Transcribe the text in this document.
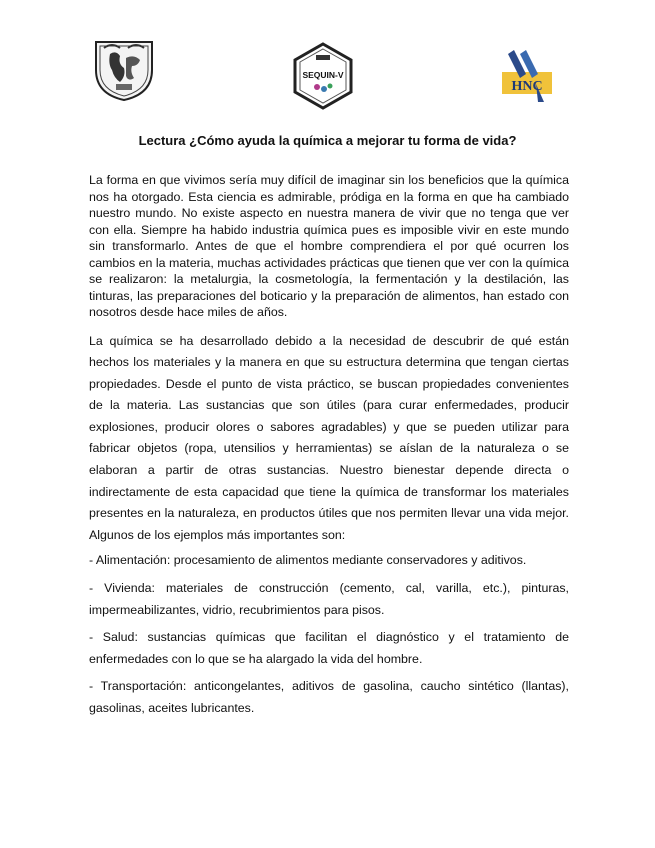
SEQUIN-V
HNC
Lectura ¿Cómo ayuda la química a mejorar tu forma de vida?

La forma en que vivimos sería muy difícil de imaginar sin los beneficios que la química nos ha otorgado. Esta ciencia es admirable, pródiga en la forma en que ha cambiado nuestro mundo. No existe aspecto en nuestra manera de vivir que no tenga que ver con ella. Siempre ha habido industria química pues es imposible vivir en este mundo sin transformarlo. Antes de que el hombre comprendiera el por qué ocurren los cambios en la materia, muchas actividades prácticas que tienen que ver con la química se realizaron: la metalurgia, la cosmetología, la fermentación y la destilación, las tinturas, las preparaciones del boticario y la preparación de alimentos, han estado con nosotros desde hace miles de años.

La química se ha desarrollado debido a la necesidad de descubrir de qué están hechos los materiales y la manera en que su estructura determina que tengan ciertas propiedades. Desde el punto de vista práctico, se buscan propiedades convenientes de la materia. Las sustancias que son útiles (para curar enfermedades, producir explosiones, producir olores o sabores agradables) y que se pueden utilizar para fabricar objetos (ropa, utensilios y herramientas) se aíslan de la naturaleza o se elaboran a partir de otras sustancias. Nuestro bienestar depende directa o indirectamente de esta capacidad que tiene la química de transformar los materiales presentes en la naturaleza, en productos útiles que nos permiten llevar una vida mejor. Algunos de los ejemplos más importantes son:

- Alimentación: procesamiento de alimentos mediante conservadores y aditivos.

- Vivienda: materiales de construcción (cemento, cal, varilla, etc.), pinturas, impermeabilizantes, vidrio, recubrimientos para pisos.

- Salud: sustancias químicas que facilitan el diagnóstico y el tratamiento de enfermedades con lo que se ha alargado la vida del hombre.

- Transportación: anticongelantes, aditivos de gasolina, caucho sintético (llantas), gasolinas, aceites lubricantes.
